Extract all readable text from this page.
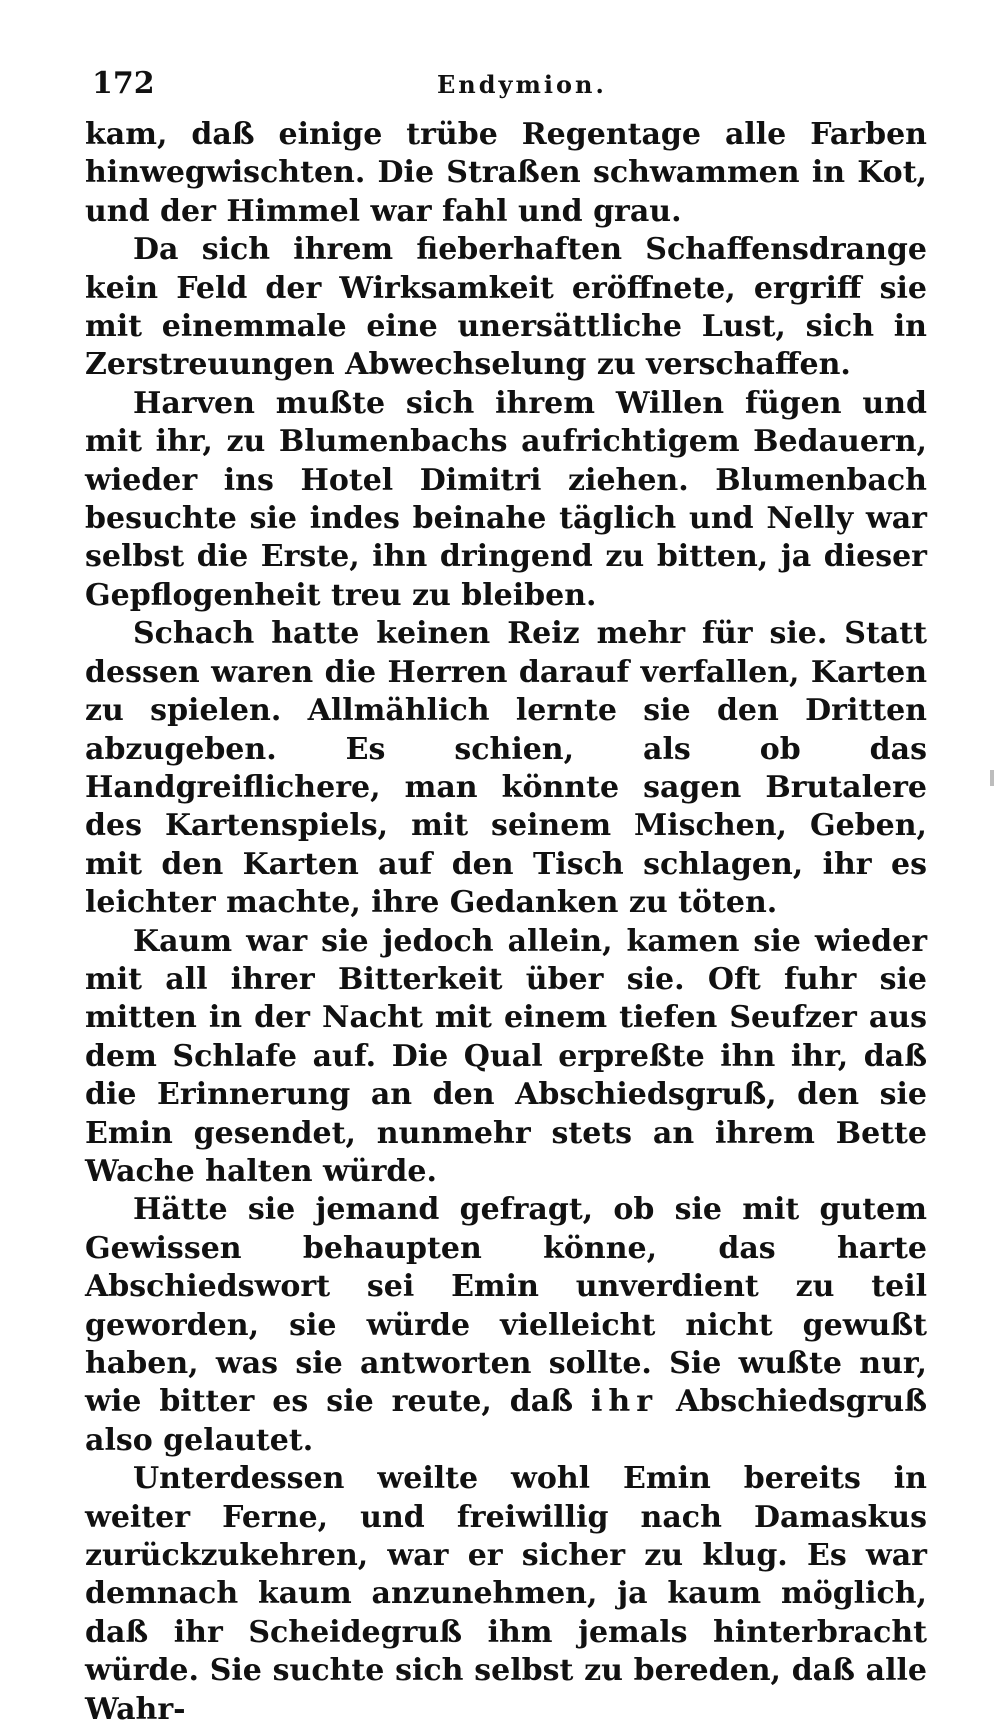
172	Endymion.

kam, daß einige trübe Regentage alle Farben hinwegwischten. Die Straßen schwammen in Kot, und der Himmel war fahl und grau.

Da sich ihrem fieberhaften Schaffensdrange kein Feld der Wirksamkeit eröffnete, ergriff sie mit einemmale eine unersättliche Lust, sich in Zerstreuungen Abwechselung zu verschaffen.

Harven mußte sich ihrem Willen fügen und mit ihr, zu Blumenbachs aufrichtigem Bedauern, wieder ins Hotel Dimitri ziehen. Blumenbach besuchte sie indes beinahe täglich und Nelly war selbst die Erste, ihn dringend zu bitten, ja dieser Gepflogenheit treu zu bleiben.

Schach hatte keinen Reiz mehr für sie. Statt dessen waren die Herren darauf verfallen, Karten zu spielen. Allmählich lernte sie den Dritten abzugeben. Es schien, als ob das Handgreiflichere, man könnte sagen Brutalere des Kartenspiels, mit seinem Mischen, Geben, mit den Karten auf den Tisch schlagen, ihr es leichter machte, ihre Gedanken zu töten.

Kaum war sie jedoch allein, kamen sie wieder mit all ihrer Bitterkeit über sie. Oft fuhr sie mitten in der Nacht mit einem tiefen Seufzer aus dem Schlafe auf. Die Qual erpreßte ihn ihr, daß die Erinnerung an den Abschiedsgruß, den sie Emin gesendet, nunmehr stets an ihrem Bette Wache halten würde.

Hätte sie jemand gefragt, ob sie mit gutem Gewissen behaupten könne, das harte Abschiedswort sei Emin unverdient zu teil geworden, sie würde vielleicht nicht gewußt haben, was sie antworten sollte. Sie wußte nur, wie bitter es sie reute, daß ihr Abschiedsgruß also gelautet.

Unterdessen weilte wohl Emin bereits in weiter Ferne, und freiwillig nach Damaskus zurückzukehren, war er sicher zu klug. Es war demnach kaum anzunehmen, ja kaum möglich, daß ihr Scheidegruß ihm jemals hinterbracht würde. Sie suchte sich selbst zu bereden, daß alle Wahr-
